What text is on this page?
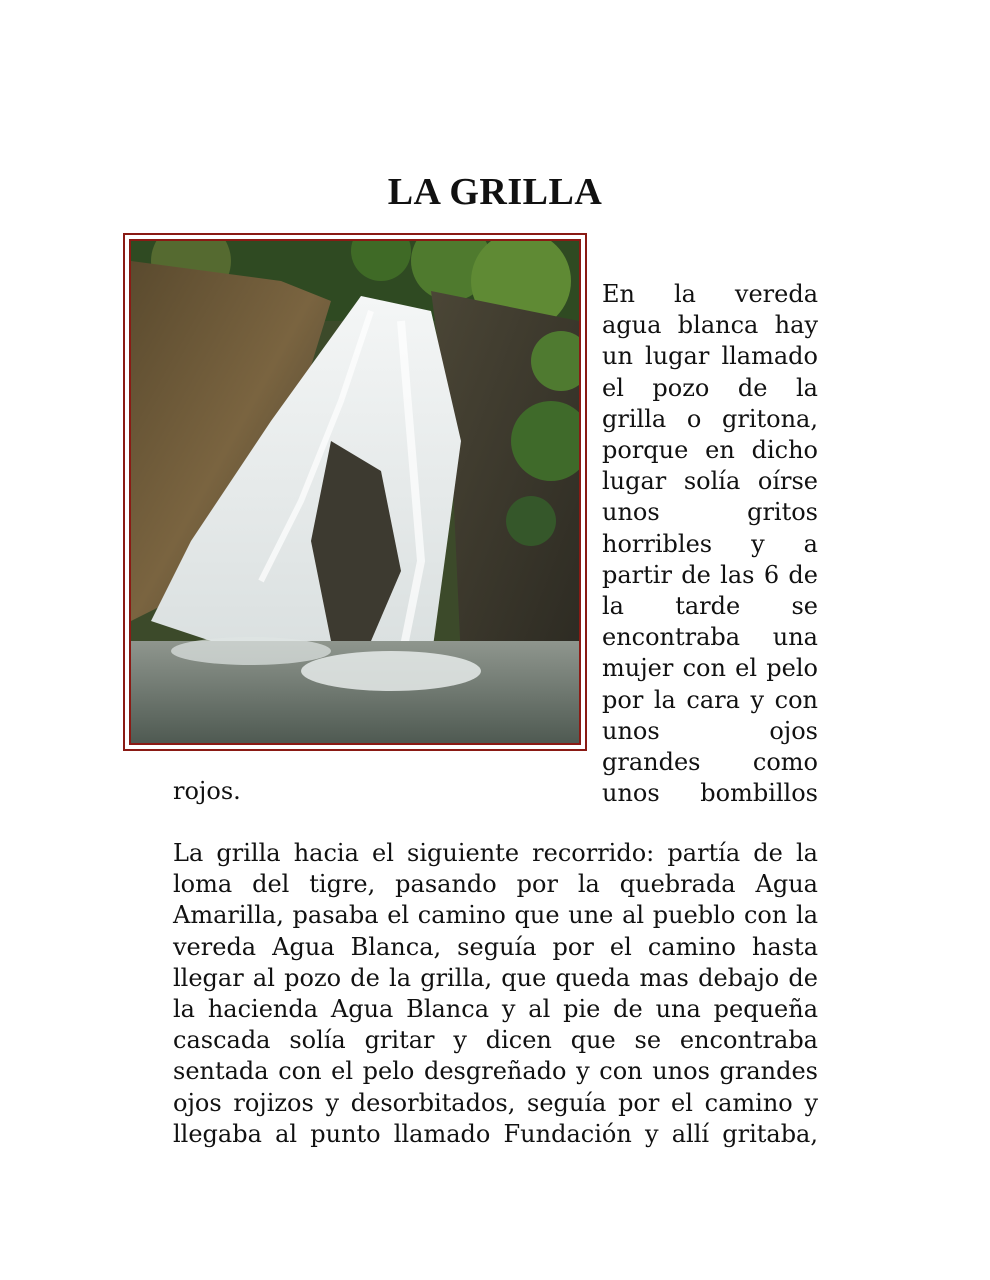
LA GRILLA

En la vereda agua blanca hay un lugar llamado el pozo de la grilla o gritona, porque en dicho lugar solía oírse unos gritos horribles y a partir de las 6 de la tarde se encontraba una mujer con el pelo por la cara y con unos ojos grandes como unos bombillos

rojos.

La grilla hacia el siguiente recorrido: partía de la loma del tigre, pasando por la quebrada Agua Amarilla, pasaba el camino que une al pueblo con la vereda Agua Blanca, seguía por el camino hasta llegar al pozo de la grilla, que queda mas debajo de la hacienda Agua Blanca y al pie de una pequeña cascada solía gritar y dicen que se encontraba sentada con el pelo desgreñado y con unos grandes ojos rojizos y desorbitados, seguía por el camino y llegaba al punto llamado Fundación y allí gritaba,
